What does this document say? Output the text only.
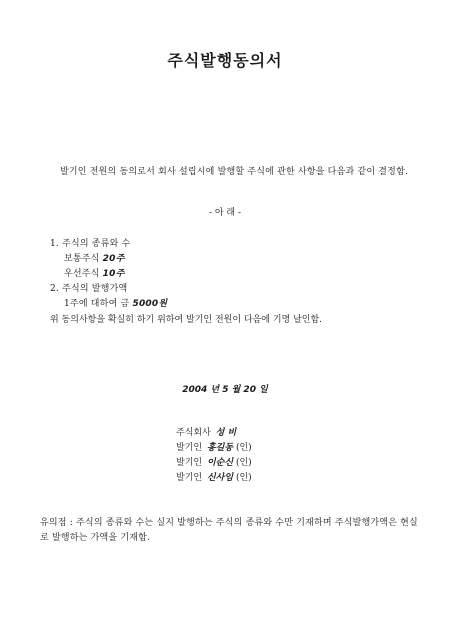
주식발행동의서
발기인 전원의 동의로서 회사 설립시에 발행할 주식에 관한 사항을 다음과 같이 결정함.
- 아 래 -
1. 주식의 종류와 수
보통주식 20주
우선주식 10주
2. 주식의 발행가액
1주에 대하여 금 5000원
위 동의사항을 확실히 하기 위하여 발기인 전원이 다음에 기명 날인함.
2004 년 5 월 20 일
주식회사 성 비
발기인 홍길동 (인)
발기인 이순신 (인)
발기인 신사임 (인)
유의점 : 주식의 종류와 수는 실지 발행하는 주식의 종류와 수만 기재하며 주식발행가액은 현실로 발행하는 가액을 기재함.
